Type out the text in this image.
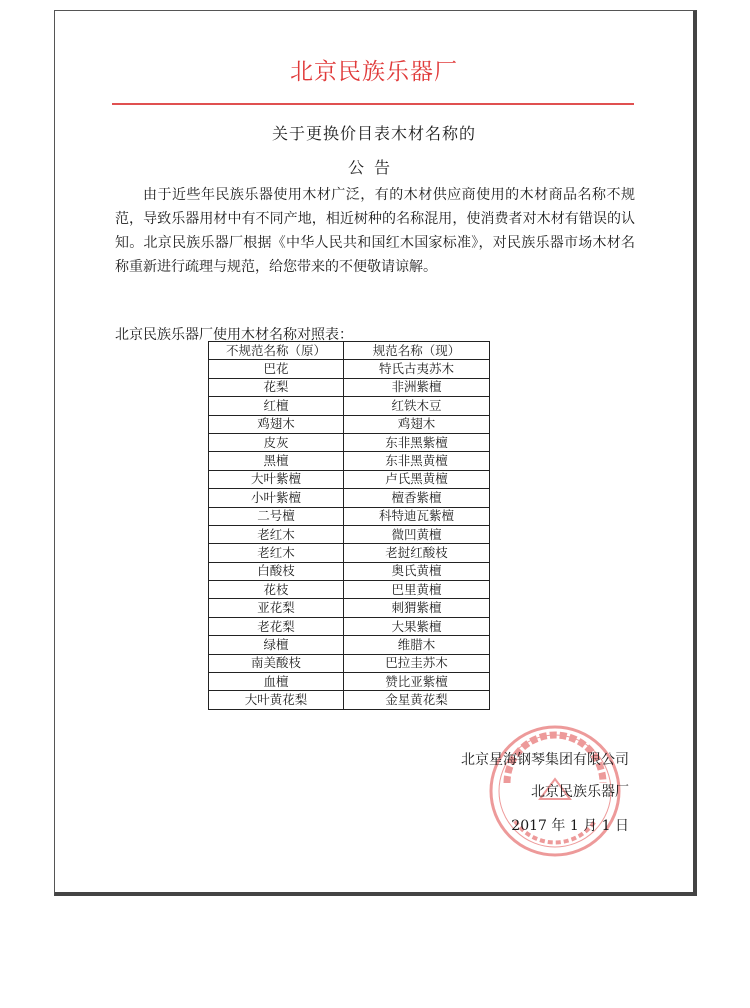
北京民族乐器厂
关于更换价目表木材名称的
公告

由于近些年民族乐器使用木材广泛，有的木材供应商使用的木材商品名称不规范，导致乐器用材中有不同产地，相近树种的名称混用，使消费者对木材有错误的认知。北京民族乐器厂根据《中华人民共和国红木国家标准》，对民族乐器市场木材名称重新进行疏理与规范，给您带来的不便敬请谅解。

北京民族乐器厂使用木材名称对照表：

不规范名称（原）	规范名称（现）
巴花	特氏古夷苏木
花梨	非洲紫檀
红檀	红铁木豆
鸡翅木	鸡翅木
皮灰	东非黑紫檀
黑檀	东非黑黄檀
大叶紫檀	卢氏黑黄檀
小叶紫檀	檀香紫檀
二号檀	科特迪瓦紫檀
老红木	微凹黄檀
老红木	老挝红酸枝
白酸枝	奥氏黄檀
花枝	巴里黄檀
亚花梨	刺猬紫檀
老花梨	大果紫檀
绿檀	维腊木
南美酸枝	巴拉圭苏木
血檀	赞比亚紫檀
大叶黄花梨	金星黄花梨
北京星海钢琴集团有限公司
北京民族乐器厂
2017 年 1 月 1 日
